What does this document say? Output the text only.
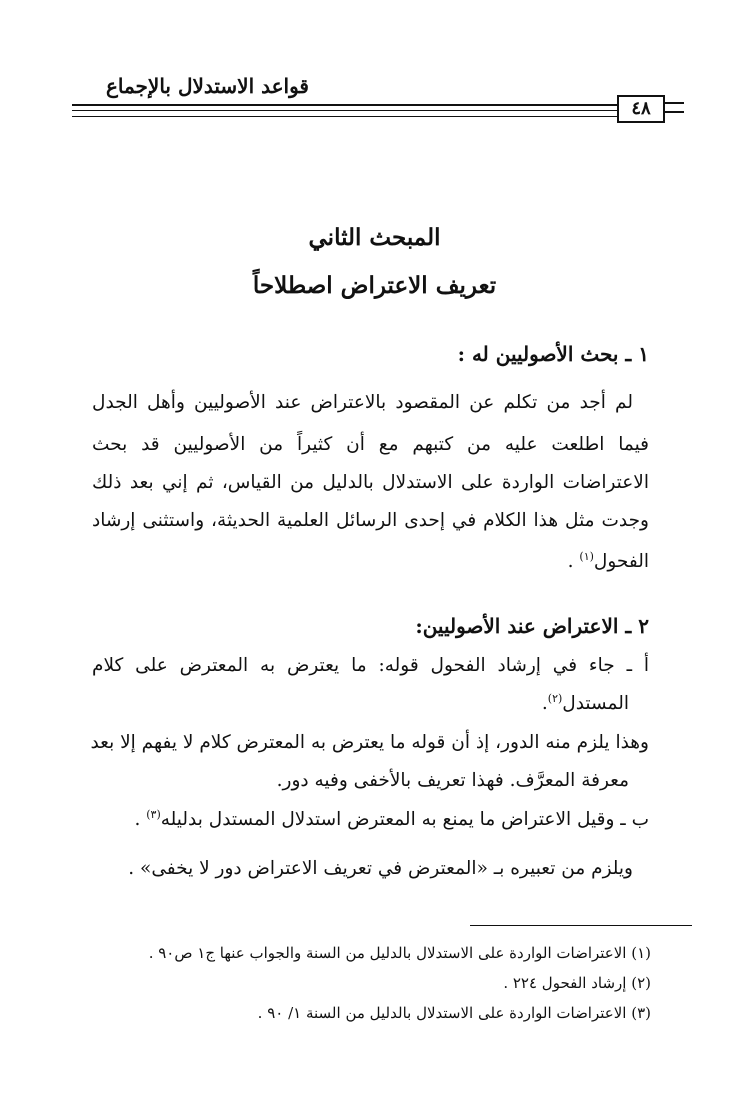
قواعد الاستدلال بالإجماع
٤٨
المبحث الثاني
تعريف الاعتراض اصطلاحاً
١ ـ بحث الأصوليين له :
لم أجد من تكلم عن المقصود بالاعتراض عند الأصوليين وأهل الجدل
فيما اطلعت عليه من كتبهم مع أن كثيراً من الأصوليين قد بحث
الاعتراضات الواردة على الاستدلال بالدليل من القياس، ثم إني بعد ذلك
وجدت مثل هذا الكلام في إحدى الرسائل العلمية الحديثة، واستثنى إرشاد
الفحول$^{(١)}$ .
٢ ـ الاعتراض عند الأصوليين:
أ ـ جاء في إرشاد الفحول قوله: ما يعترض به المعترض على كلام
المستدل$^{(٢)}$.
وهذا يلزم منه الدور، إذ أن قوله ما يعترض به المعترض كلام لا يفهم إلا بعد
معرفة المعرَّف. فهذا تعريف بالأخفى وفيه دور.
ب ـ وقيل الاعتراض ما يمنع به المعترض استدلال المستدل بدليله$^{(٣)}$ .
ويلزم من تعبيره بـ «المعترض في تعريف الاعتراض دور لا يخفى» .
(١) الاعتراضات الواردة على الاستدلال بالدليل من السنة والجواب عنها ج١ ص٩٠ .
(٢) إرشاد الفحول ٢٢٤ .
(٣) الاعتراضات الواردة على الاستدلال بالدليل من السنة ١/ ٩٠ .
